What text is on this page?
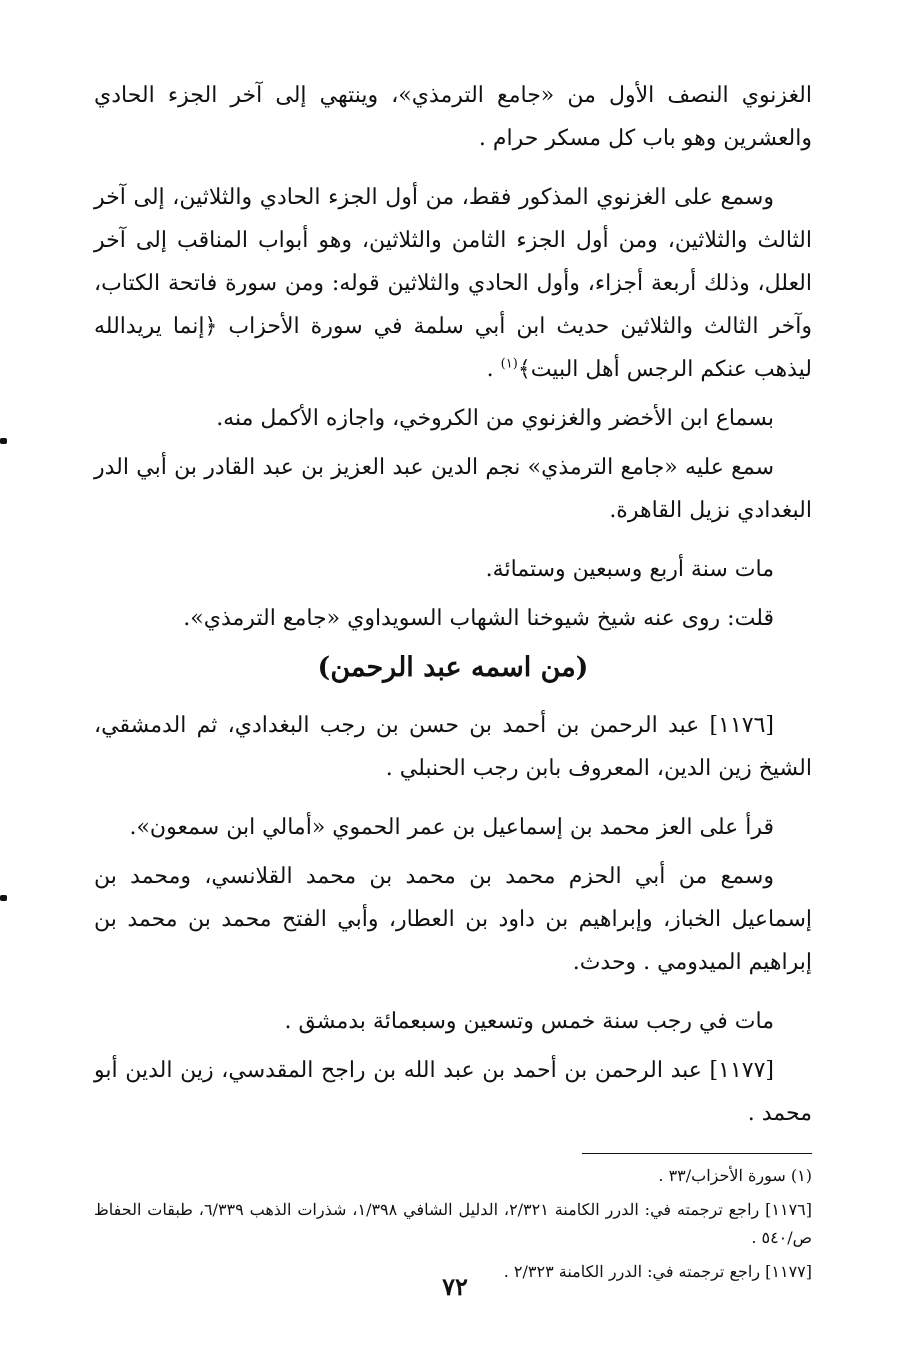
الغزنوي النصف الأول من «جامع الترمذي»، وينتهي إلى آخر الجزء الحادي والعشرين وهو باب كل مسكر حرام .

وسمع على الغزنوي المذكور فقط، من أول الجزء الحادي والثلاثين، إلى آخر الثالث والثلاثين، ومن أول الجزء الثامن والثلاثين، وهو أبواب المناقب إلى آخر العلل، وذلك أربعة أجزاء، وأول الحادي والثلاثين قوله: ومن سورة فاتحة الكتاب، وآخر الثالث والثلاثين حديث ابن أبي سلمة في سورة الأحزاب ﴿إنما يريدالله ليذهب عنكم الرجس أهل البيت﴾$^{(١)}$ .

بسماع ابن الأخضر والغزنوي من الكروخي، واجازه الأكمل منه.

سمع عليه «جامع الترمذي» نجم الدين عبد العزيز بن عبد القادر بن أبي الدر البغدادي نزيل القاهرة.

مات سنة أربع وسبعين وستمائة.

قلت: روى عنه شيخ شيوخنا الشهاب السويداوي «جامع الترمذي».

(من اسمه عبد الرحمن)

[١١٧٦] عبد الرحمن بن أحمد بن حسن بن رجب البغدادي، ثم الدمشقي، الشيخ زين الدين، المعروف بابن رجب الحنبلي .

قرأ على العز محمد بن إسماعيل بن عمر الحموي «أمالي ابن سمعون».

وسمع من أبي الحزم محمد بن محمد بن محمد القلانسي، ومحمد بن إسماعيل الخباز، وإبراهيم بن داود بن العطار، وأبي الفتح محمد بن محمد بن إبراهيم الميدومي . وحدث.

مات في رجب سنة خمس وتسعين وسبعمائة بدمشق .

[١١٧٧] عبد الرحمن بن أحمد بن عبد الله بن راجح المقدسي، زين الدين أبو محمد .

(١) سورة الأحزاب/٣٣ .

[١١٧٦] راجع ترجمته في: الدرر الكامنة ٢/٣٢١، الدليل الشافي ١/٣٩٨، شذرات الذهب ٦/٣٣٩، طبقات الحفاظ ص/٥٤٠ .

[١١٧٧] راجع ترجمته في: الدرر الكامنة ٢/٣٢٣ .

٧٢
